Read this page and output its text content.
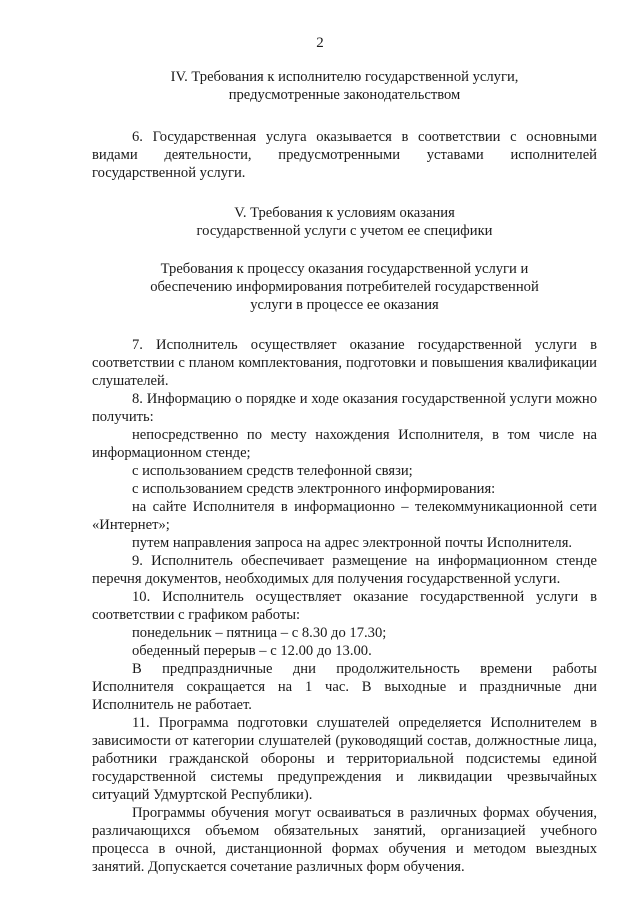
2
IV. Требования к исполнителю государственной услуги,
предусмотренные законодательством

6. Государственная услуга оказывается в соответствии с основными видами деятельности, предусмотренными уставами исполнителей государственной услуги.

V. Требования к условиям оказания
государственной услуги с учетом ее специфики
Требования к процессу оказания государственной услуги и
обеспечению информирования потребителей государственной
услуги в процессе ее оказания

7. Исполнитель осуществляет оказание государственной услуги в соответствии с планом комплектования, подготовки и повышения квалификации слушателей.

8. Информацию о порядке и ходе оказания государственной услуги можно получить:

непосредственно по месту нахождения Исполнителя, в том числе на информационном стенде;

с использованием средств телефонной связи;

с использованием средств электронного информирования:

на сайте Исполнителя в информационно – телекоммуникационной сети «Интернет»;

путем направления запроса на адрес электронной почты Исполнителя.

9. Исполнитель обеспечивает размещение на информационном стенде перечня документов, необходимых для получения государственной услуги.

10. Исполнитель осуществляет оказание государственной услуги в соответствии с графиком работы:

понедельник – пятница – с 8.30 до 17.30;

обеденный перерыв – с 12.00 до 13.00.

В предпраздничные дни продолжительность времени работы Исполнителя сокращается на 1 час. В выходные и праздничные дни Исполнитель не работает.

11. Программа подготовки слушателей определяется Исполнителем в зависимости от категории слушателей (руководящий состав, должностные лица, работники гражданской обороны и территориальной подсистемы единой государственной системы предупреждения и ликвидации чрезвычайных ситуаций Удмуртской Республики).

Программы обучения могут осваиваться в различных формах обучения, различающихся объемом обязательных занятий, организацией учебного процесса в очной, дистанционной формах обучения и методом выездных занятий. Допускается сочетание различных форм обучения.
